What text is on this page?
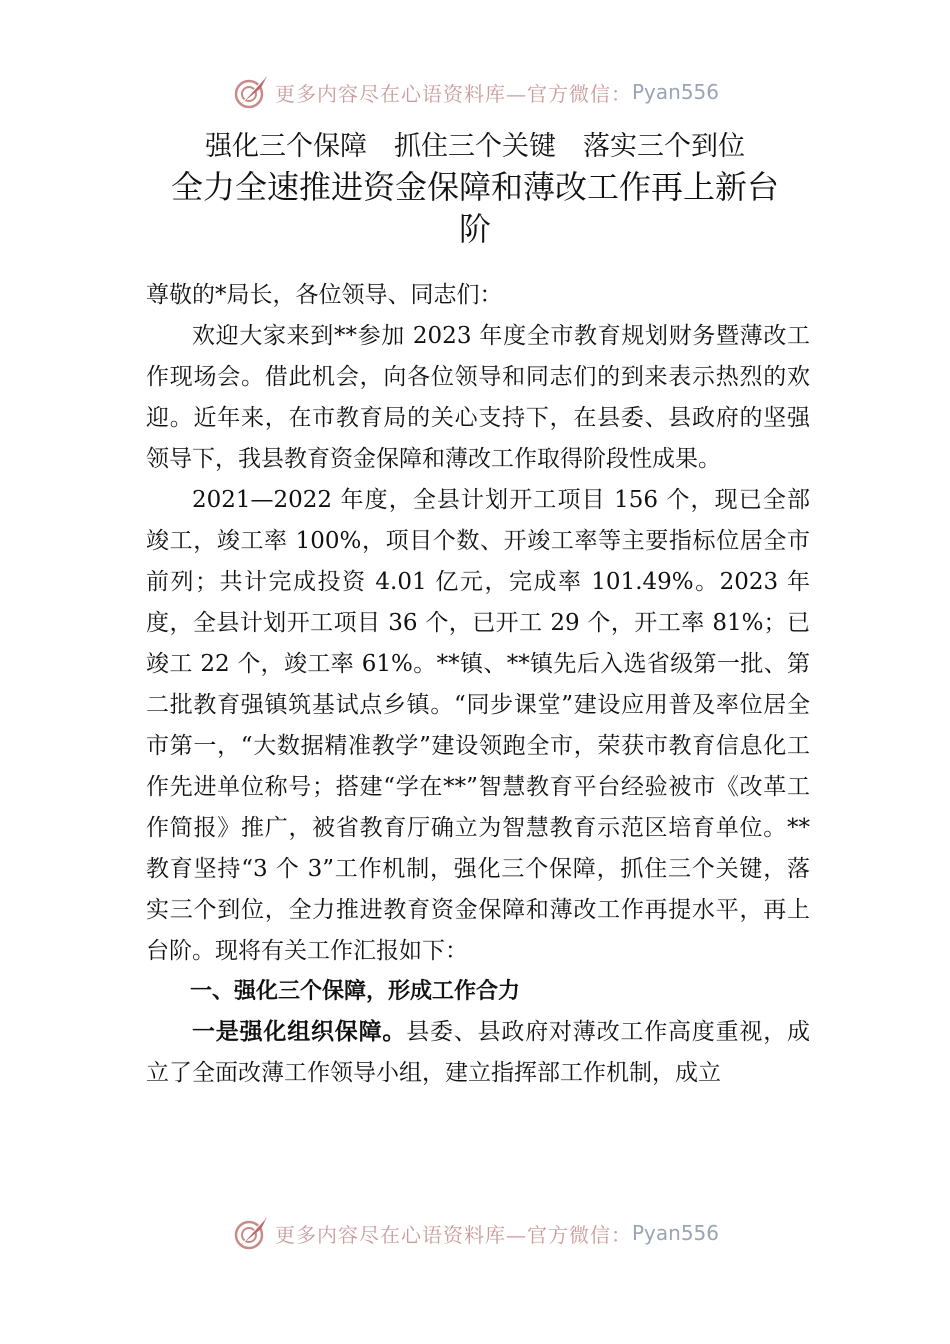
更多内容尽在心语资料库—官方微信： Pyan556
强化三个保障　抓住三个关键　落实三个到位
全力全速推进资金保障和薄改工作再上新台阶

尊敬的*局长，各位领导、同志们：

欢迎大家来到**参加 2023 年度全市教育规划财务暨薄改工作现场会。借此机会，向各位领导和同志们的到来表示热烈的欢迎。近年来，在市教育局的关心支持下，在县委、县政府的坚强领导下，我县教育资金保障和薄改工作取得阶段性成果。

2021—2022 年度，全县计划开工项目 156 个，现已全部竣工，竣工率 100%，项目个数、开竣工率等主要指标位居全市前列；共计完成投资 4.01 亿元，完成率 101.49%。2023 年度，全县计划开工项目 36 个，已开工 29 个，开工率 81%；已竣工 22 个，竣工率 61%。**镇、**镇先后入选省级第一批、第二批教育强镇筑基试点乡镇。“同步课堂”建设应用普及率位居全市第一，“大数据精准教学”建设领跑全市，荣获市教育信息化工作先进单位称号；搭建“学在**”智慧教育平台经验被市《改革工作简报》推广，被省教育厅确立为智慧教育示范区培育单位。**教育坚持“3 个 3”工作机制，强化三个保障，抓住三个关键，落实三个到位，全力推进教育资金保障和薄改工作再提水平，再上台阶。现将有关工作汇报如下：

一、强化三个保障，形成工作合力

一是强化组织保障。县委、县政府对薄改工作高度重视，成立了全面改薄工作领导小组，建立指挥部工作机制，成立

更多内容尽在心语资料库—官方微信： Pyan556
